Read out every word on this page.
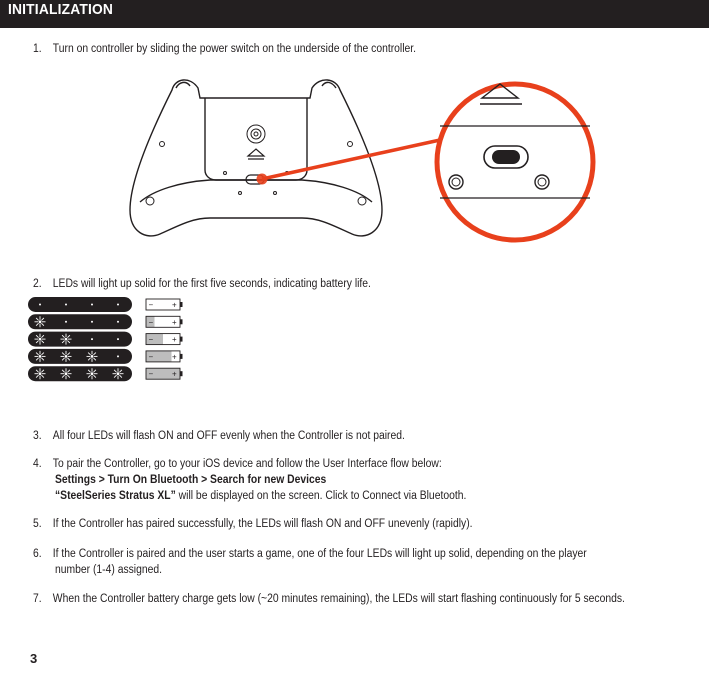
INITIALIZATION
1. Turn on controller by sliding the power switch on the underside of the controller.
2. LEDs will light up solid for the first five seconds, indicating battery life.
− +
− +
− +
− +
− +
3. All four LEDs will flash ON and OFF evenly when the Controller is not paired.
4. To pair the Controller, go to your iOS device and follow the User Interface flow below:
Settings > Turn On Bluetooth > Search for new Devices
“SteelSeries Stratus XL” will be displayed on the screen. Click to Connect via Bluetooth.
5. If the Controller has paired successfully, the LEDs will flash ON and OFF unevenly (rapidly).
6. If the Controller is paired and the user starts a game, one of the four LEDs will light up solid, depending on the player
number (1-4) assigned.
7. When the Controller battery charge gets low (~20 minutes remaining), the LEDs will start flashing continuously for 5 seconds.
3
